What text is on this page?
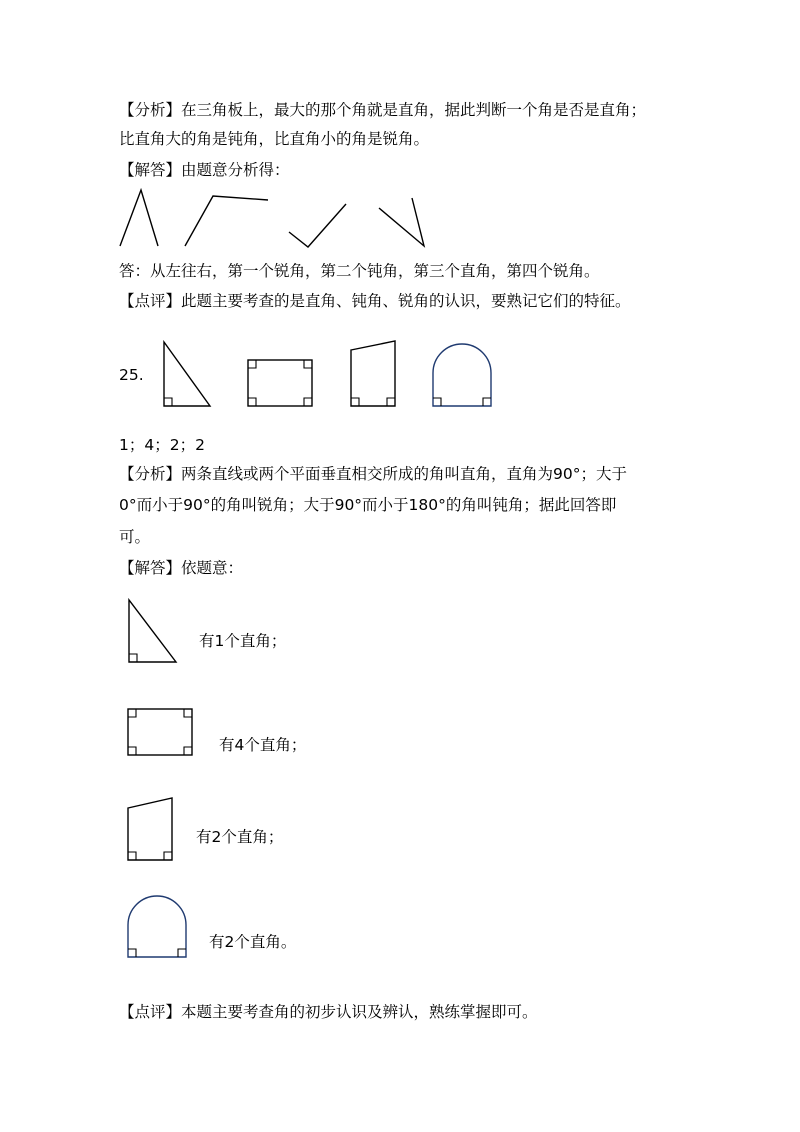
【分析】在三角板上，最大的那个角就是直角，据此判断一个角是否是直角；
比直角大的角是钝角，比直角小的角是锐角。
【解答】由题意分析得：
答：从左往右，第一个锐角，第二个钝角，第三个直角，第四个锐角。
【点评】此题主要考查的是直角、钝角、锐角的认识，要熟记它们的特征。
25.
1；4；2；2
【分析】两条直线或两个平面垂直相交所成的角叫直角，直角为90°；大于
0°而小于90°的角叫锐角；大于90°而小于180°的角叫钝角；据此回答即
可。
【解答】依题意：
有1个直角；
有4个直角；
有2个直角；
有2个直角。
【点评】本题主要考查角的初步认识及辨认，熟练掌握即可。
